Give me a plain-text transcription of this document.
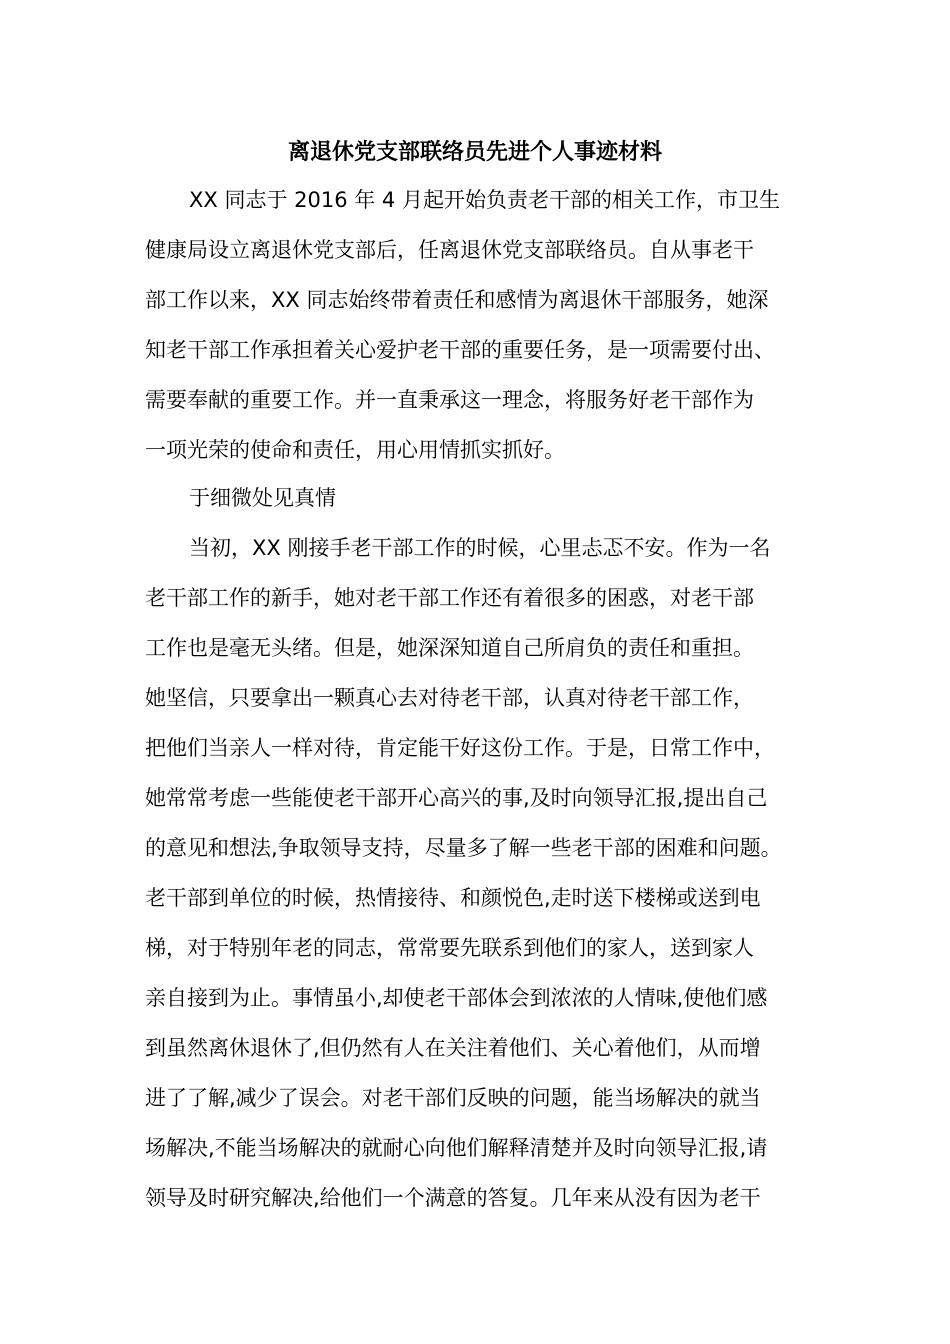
离退休党支部联络员先进个人事迹材料
XX 同志于 2016 年 4 月起开始负责老干部的相关工作，市卫生
健康局设立离退休党支部后，任离退休党支部联络员。自从事老干
部工作以来，XX 同志始终带着责任和感情为离退休干部服务，她深
知老干部工作承担着关心爱护老干部的重要任务，是一项需要付出、
需要奉献的重要工作。并一直秉承这一理念，将服务好老干部作为
一项光荣的使命和责任，用心用情抓实抓好。
于细微处见真情
当初，XX 刚接手老干部工作的时候，心里忐忑不安。作为一名
老干部工作的新手，她对老干部工作还有着很多的困惑，对老干部
工作也是毫无头绪。但是，她深深知道自己所肩负的责任和重担。
她坚信，只要拿出一颗真心去对待老干部，认真对待老干部工作，
把他们当亲人一样对待，肯定能干好这份工作。于是，日常工作中，
她常常考虑一些能使老干部开心高兴的事,及时向领导汇报,提出自己
的意见和想法,争取领导支持，尽量多了解一些老干部的困难和问题。
老干部到单位的时候，热情接待、和颜悦色,走时送下楼梯或送到电
梯，对于特别年老的同志，常常要先联系到他们的家人，送到家人
亲自接到为止。事情虽小,却使老干部体会到浓浓的人情味,使他们感
到虽然离休退休了,但仍然有人在关注着他们、关心着他们，从而增
进了了解,减少了误会。对老干部们反映的问题，能当场解决的就当
场解决,不能当场解决的就耐心向他们解释清楚并及时向领导汇报,请
领导及时研究解决,给他们一个满意的答复。几年来从没有因为老干
